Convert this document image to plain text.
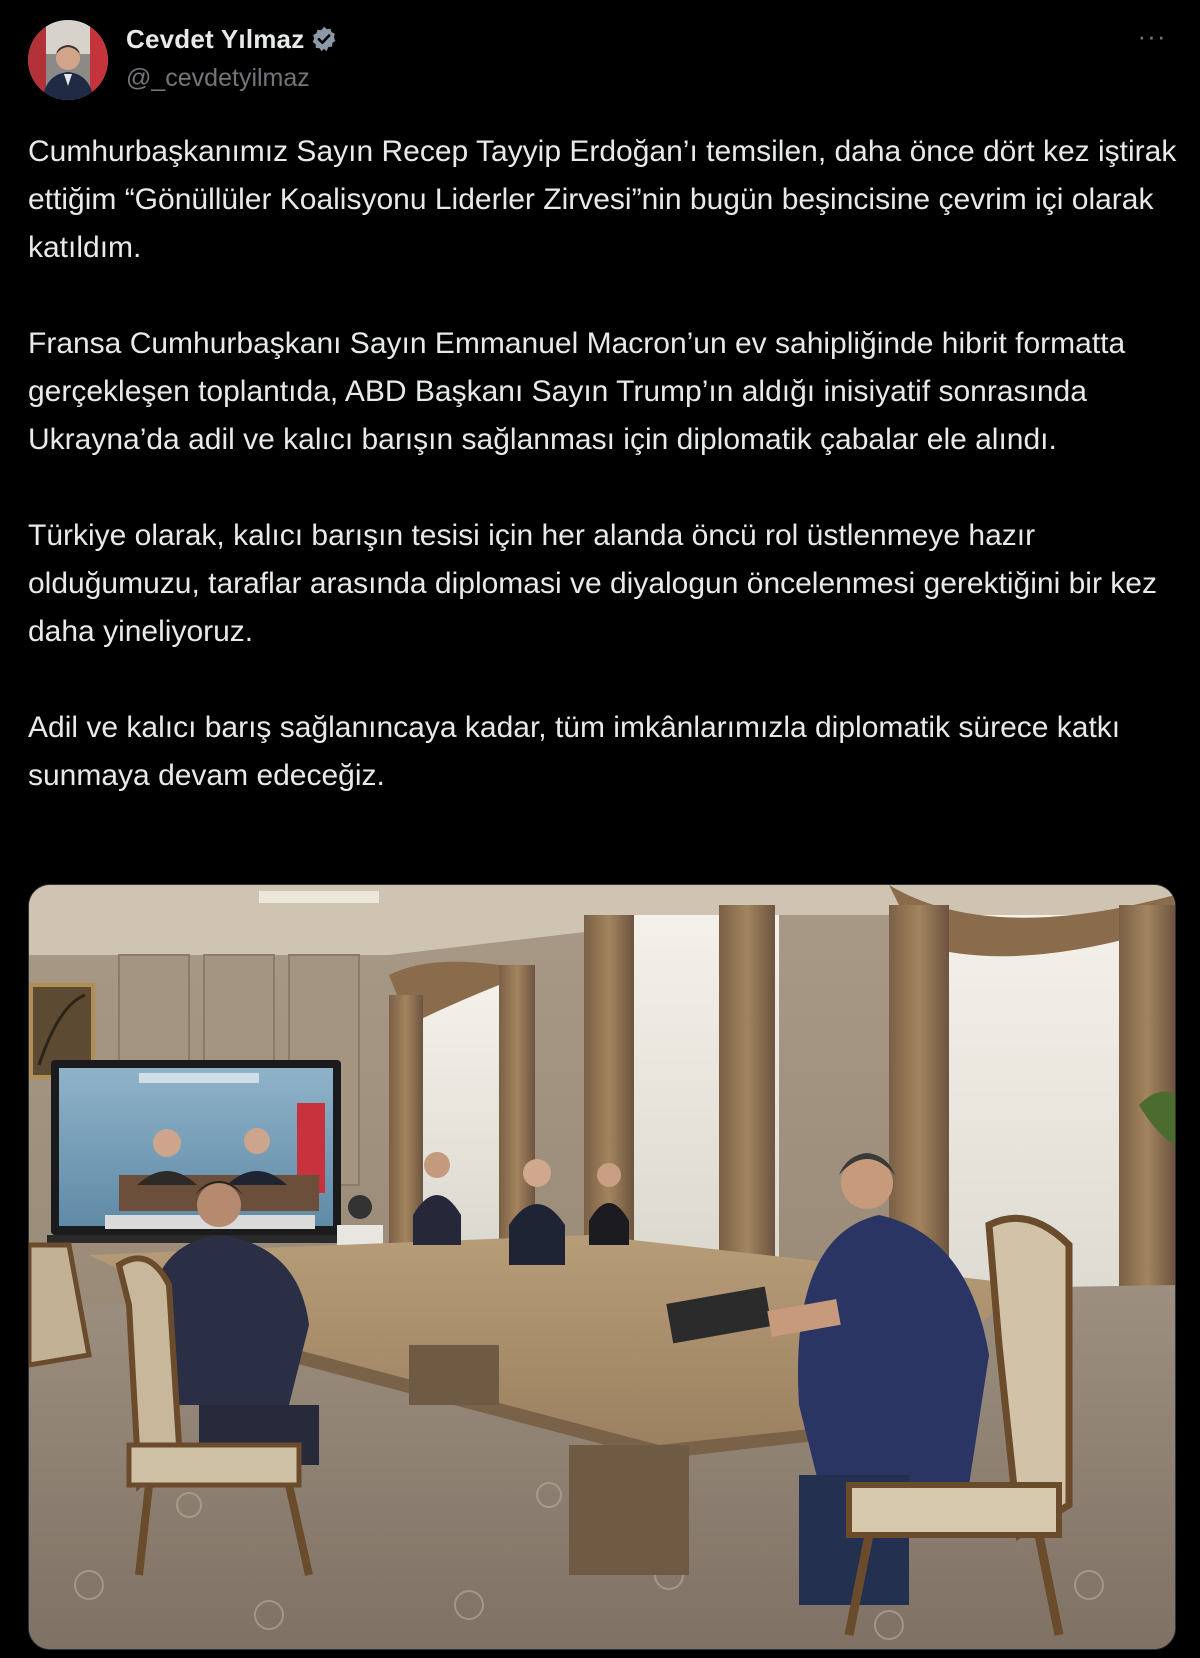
Cevdet Yılmaz
@_cevdetyilmaz
···

Cumhurbaşkanımız Sayın Recep Tayyip Erdoğan’ı temsilen, daha önce dört kez iştirak ettiğim “Gönüllüler Koalisyonu Liderler Zirvesi”nin bugün beşincisine çevrim içi olarak katıldım.

Fransa Cumhurbaşkanı Sayın Emmanuel Macron’un ev sahipliğinde hibrit formatta gerçekleşen toplantıda, ABD Başkanı Sayın Trump’ın aldığı inisiyatif sonrasında Ukrayna’da adil ve kalıcı barışın sağlanması için diplomatik çabalar ele alındı.

Türkiye olarak, kalıcı barışın tesisi için her alanda öncü rol üstlenmeye hazır olduğumuzu, taraflar arasında diplomasi ve diyalogun öncelenmesi gerektiğini bir kez daha yineliyoruz.

Adil ve kalıcı barış sağlanıncaya kadar, tüm imkânlarımızla diplomatik sürece katkı sunmaya devam edeceğiz.
